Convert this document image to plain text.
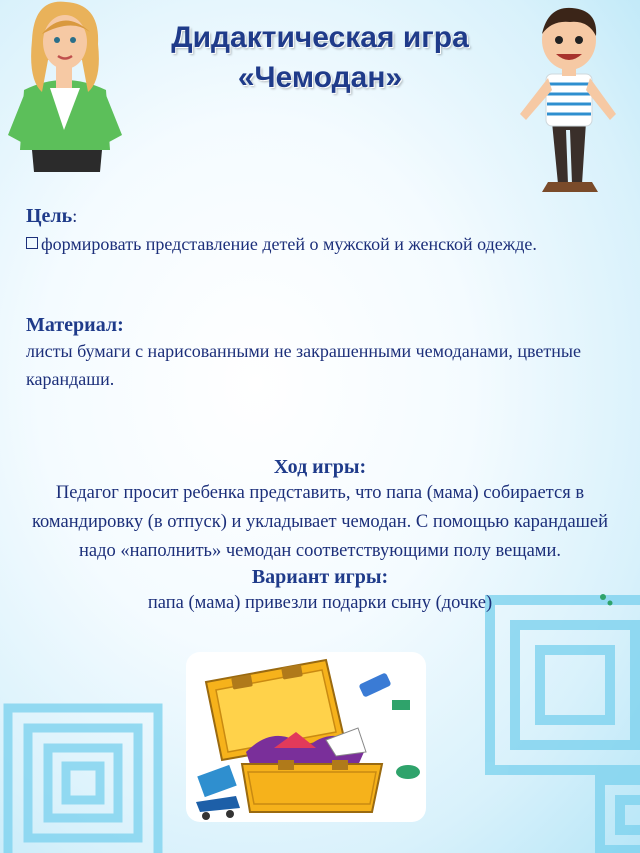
Дидактическая игра
«Чемодан»
Цель:
формировать представление детей о мужской и женской одежде.
Материал:
листы бумаги с нарисованными не закрашенными чемоданами, цветные карандаши.
Ход игры:
Педагог просит ребенка представить, что папа (мама) собирается в командировку (в отпуск) и укладывает чемодан. С помощью карандашей надо «наполнить» чемодан соответствующими полу вещами.
Вариант игры:
папа (мама) привезли подарки сыну (дочке)
